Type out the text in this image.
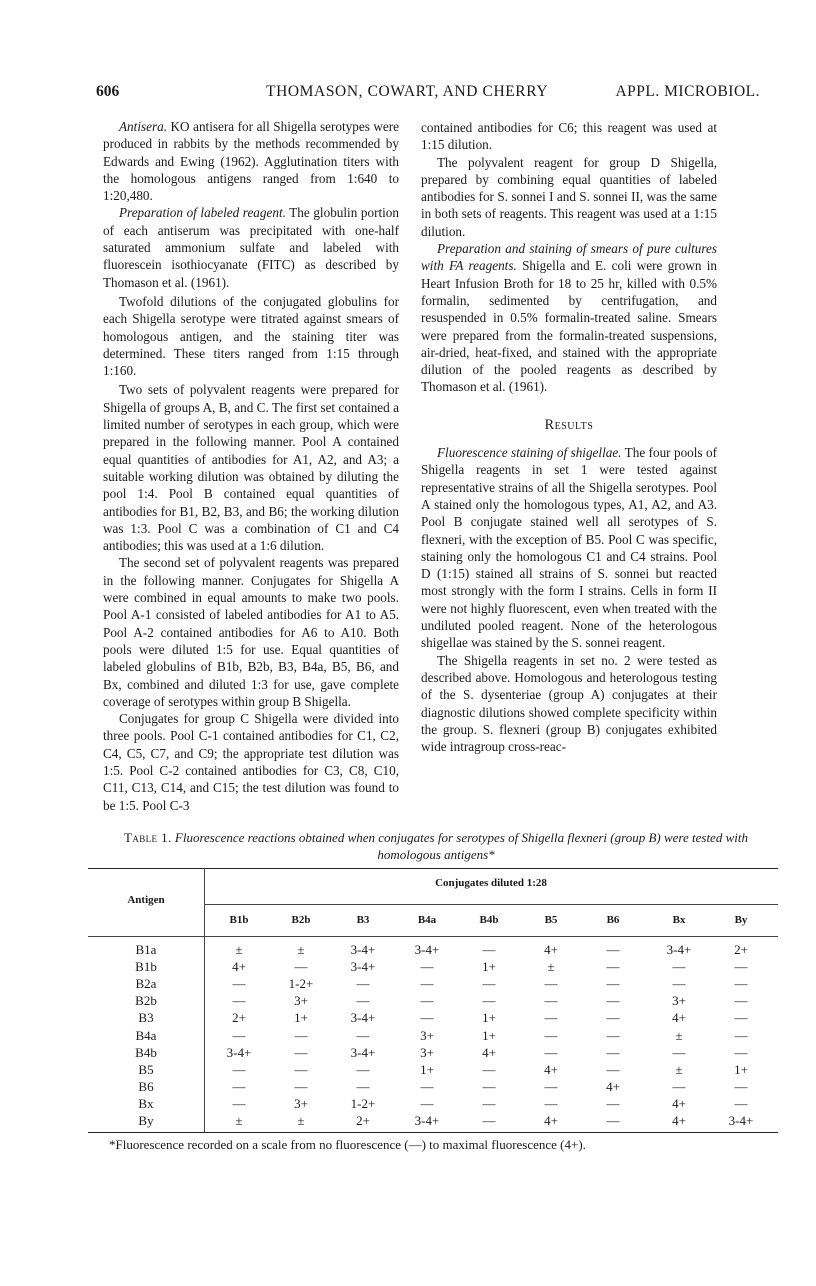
606	THOMASON, COWART, AND CHERRY	APPL. MICROBIOL.

Antisera. KO antisera for all Shigella serotypes were produced in rabbits by the methods recommended by Edwards and Ewing (1962). Agglutination titers with the homologous antigens ranged from 1:640 to 1:20,480.

Preparation of labeled reagent. The globulin portion of each antiserum was precipitated with one-half saturated ammonium sulfate and labeled with fluorescein isothiocyanate (FITC) as described by Thomason et al. (1961).

Twofold dilutions of the conjugated globulins for each Shigella serotype were titrated against smears of homologous antigen, and the staining titer was determined. These titers ranged from 1:15 through 1:160.

Two sets of polyvalent reagents were prepared for Shigella of groups A, B, and C. The first set contained a limited number of serotypes in each group, which were prepared in the following manner. Pool A contained equal quantities of antibodies for A1, A2, and A3; a suitable working dilution was obtained by diluting the pool 1:4. Pool B contained equal quantities of antibodies for B1, B2, B3, and B6; the working dilution was 1:3. Pool C was a combination of C1 and C4 antibodies; this was used at a 1:6 dilution.

The second set of polyvalent reagents was prepared in the following manner. Conjugates for Shigella A were combined in equal amounts to make two pools. Pool A-1 consisted of labeled antibodies for A1 to A5. Pool A-2 contained antibodies for A6 to A10. Both pools were diluted 1:5 for use. Equal quantities of labeled globulins of B1b, B2b, B3, B4a, B5, B6, and Bx, combined and diluted 1:3 for use, gave complete coverage of serotypes within group B Shigella.

Conjugates for group C Shigella were divided into three pools. Pool C-1 contained antibodies for C1, C2, C4, C5, C7, and C9; the appropriate test dilution was 1:5. Pool C-2 contained antibodies for C3, C8, C10, C11, C13, C14, and C15; the test dilution was found to be 1:5. Pool C-3

contained antibodies for C6; this reagent was used at 1:15 dilution.

The polyvalent reagent for group D Shigella, prepared by combining equal quantities of labeled antibodies for S. sonnei I and S. sonnei II, was the same in both sets of reagents. This reagent was used at a 1:15 dilution.

Preparation and staining of smears of pure cultures with FA reagents. Shigella and E. coli were grown in Heart Infusion Broth for 18 to 25 hr, killed with 0.5% formalin, sedimented by centrifugation, and resuspended in 0.5% formalin-treated saline. Smears were prepared from the formalin-treated suspensions, air-dried, heat-fixed, and stained with the appropriate dilution of the pooled reagents as described by Thomason et al. (1961).

Results

Fluorescence staining of shigellae. The four pools of Shigella reagents in set 1 were tested against representative strains of all the Shigella serotypes. Pool A stained only the homologous types, A1, A2, and A3. Pool B conjugate stained well all serotypes of S. flexneri, with the exception of B5. Pool C was specific, staining only the homologous C1 and C4 strains. Pool D (1:15) stained all strains of S. sonnei but reacted most strongly with the form I strains. Cells in form II were not highly fluorescent, even when treated with the undiluted pooled reagent. None of the heterologous shigellae was stained by the S. sonnei reagent.

The Shigella reagents in set no. 2 were tested as described above. Homologous and heterologous testing of the S. dysenteriae (group A) conjugates at their diagnostic dilutions showed complete specificity within the group. S. flexneri (group B) conjugates exhibited wide intragroup cross-reac-

Table 1. Fluorescence reactions obtained when conjugates for serotypes of Shigella flexneri (group B) were tested with homologous antigens*
Antigen
Conjugates diluted 1:28
B1b	B2b	B3	B4a	B4b	B5	B6	Bx	By
B1a	±	±	3-4+	3-4+	—	4+	—	3-4+	2+
B1b	4+	—	3-4+	—	1+	±	—	—	—
B2a	—	1-2+	—	—	—	—	—	—	—
B2b	—	3+	—	—	—	—	—	3+	—
B3	2+	1+	3-4+	—	1+	—	—	4+	—
B4a	—	—	—	3+	1+	—	—	±	—
B4b	3-4+	—	3-4+	3+	4+	—	—	—	—
B5	—	—	—	1+	—	4+	—	±	1+
B6	—	—	—	—	—	—	4+	—	—
Bx	—	3+	1-2+	—	—	—	—	4+	—
By	±	±	2+	3-4+	—	4+	—	4+	3-4+
*Fluorescence recorded on a scale from no fluorescence (—) to maximal fluorescence (4+).
